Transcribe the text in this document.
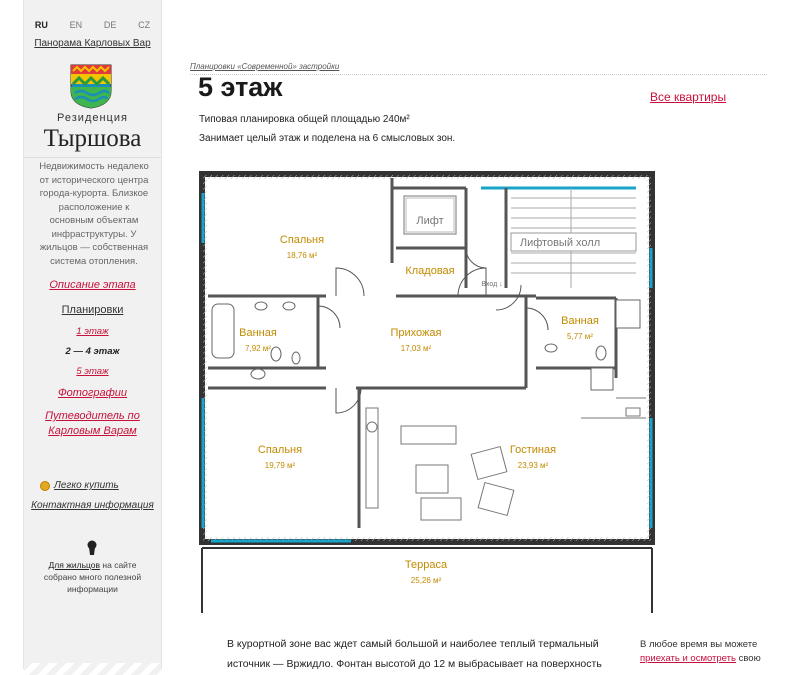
RU EN DE CZ
Панорама Карловых Вар
Резиденция
Тыршова
Недвижимость недалеко от исторического центра города-курорта. Близкое расположение к основным объектам инфраструктуры. У жильцов — собственная система отопления.
Описание этапа
Планировки
1 этаж
2 — 4 этаж
5 этаж
Фотографии
Путеводитель по Карловым Варам
Легко купить
Контактная информация
Для жильцов на сайте собрано много полезной информации
Планировки «Современной» застройки
5 этаж	Все квартиры
Типовая планировка общей площадью 240м²
Занимает целый этаж и поделена на 6 смысловых зон.
Спальня
18,76 м²
Кладовая
Ванная
7,92 м²
Прихожая
17,03 м²
Ванная
5,77 м²
Спальня
19,79 м²
Гостиная
23,93 м²
Терраса
25,26 м²
Лифт
Лифтовый холл
Вход ↓
В курортной зоне вас ждет самый большой и наиболее теплый термальный источник — Вржидло. Фонтан высотой до 12 м выбрасывает на поверхность
В любое время вы можете
приехать и осмотреть свою
